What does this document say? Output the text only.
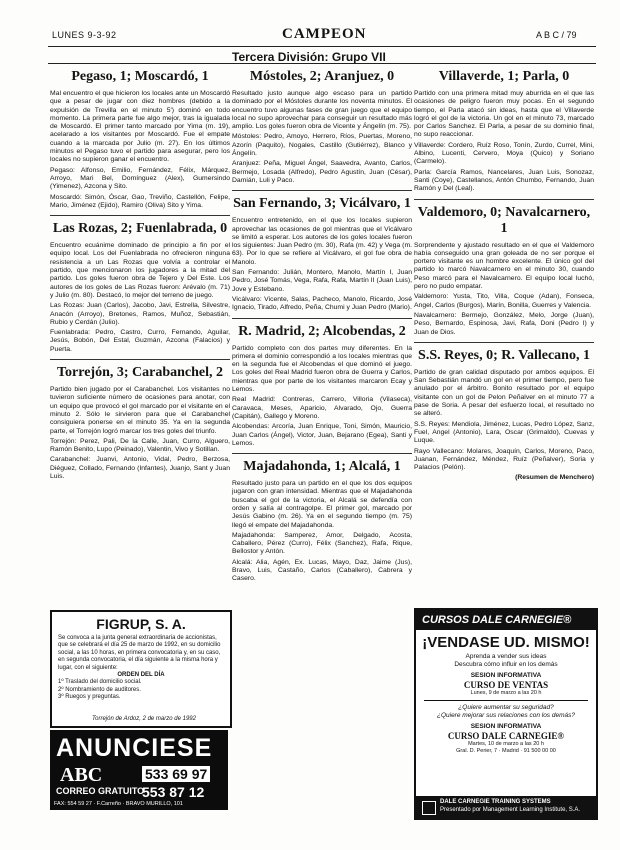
LUNES 9-3-92	CAMPEON	A B C / 79
Tercera División: Grupo VII
Pegaso, 1; Moscardó, 1
Mal encuentro el que hicieron los locales ante un Moscardó que a pesar de jugar con diez hombres (debido a la expulsión de Trevilla en el minuto 5') dominó en todo momento. La primera parte fue algo mejor, tras la igualada de Moscardó. El primer tanto marcado por Yima (m. 19), acelarado a los visitantes por Moscardó. Fue el empate cuando a la marcada por Julio (m. 27). En los últimos minutos el Pegaso tuvo el partido para asegurar, pero los locales no supieron ganar el encuentro.
Pegaso: Alfonso, Emilio, Fernández, Félix, Márquez, Arroyo, Mari Bel, Domínguez (Alex), Gumersindo (Yimenez), Azcona y Sito.
Moscardó: Simón, Óscar, Gao, Treviño, Castellón, Felipe, Mario, Jiménez (Ejido), Ramiro (Oliva) Sito y Yima.
Las Rozas, 2; Fuenlabrada, 0
Encuentro ecuánime dominado de principio a fin por el equipo local. Los del Fuenlabrada no ofrecieron ninguna resistencia a un Las Rozas que volvía a controlar el partido, que mencionaron los jugadores a la mitad del partido. Los goles fueron obra de Tejero y Del Este. Los autores de los goles de Las Rozas fueron: Arévalo (m. 71) y Julio (m. 80). Destacó, lo mejor del terreno de juego.
Las Rozas: Juan (Carlos), Jacobo, Javi, Estrella, Silvestre, Anacón (Arroyo), Bretones, Ramos, Muñoz, Sebastián, Rubio y Cerdán (Julio).
Fuenlabrada: Pedro, Castro, Curro, Fernando, Aguilar, Jesús, Bobón, Del Estal, Guzmán, Azcona (Falacios) y Puerta.
Torrejón, 3; Carabanchel, 2
Partido bien jugado por el Carabanchel. Los visitantes no tuvieron suficiente número de ocasiones para anotar, con un equipo que provocó el gol marcado por el visitante en el minuto 2. Sólo le sirvieron para que el Carabanchel consiguiera ponerse en el minuto 35. Ya en la segunda parte, el Torrejón logró marcar los tres goles del triunfo.
Torrejón: Perez, Pali, De la Calle, Juan, Curro, Alguero, Ramón Benito, Lupo (Peinado), Valentin, Vivo y Sotillan.
Carabanchel: Juanvi, Antonio, Vidal, Pedro, Berzosa, Diéguez, Collado, Fernando (Infantes), Juanjo, Sant y Juan Luis.
Móstoles, 2; Aranjuez, 0
Resultado justo aunque algo escaso para un partido dominado por el Móstoles durante los noventa minutos. El encuentro tuvo algunas fases de gran juego que el equipo local no supo aprovechar para conseguir un resultado más amplio. Los goles fueron obra de Vicente y Ángelín (m. 75).
Móstoles: Pedro, Amoyo, Herrero, Ríos, Puertas, Moreno, Azorín (Paquito), Nogales, Castillo (Gutiérrez), Blanco y Ángelín.
Aranjuez: Peña, Miguel Ángel, Saavedra, Avanto, Carlos, Bermejo, Losada (Alfredo), Pedro Agustín, Juan (César), Damián, Luli y Paco.
San Fernando, 3; Vicálvaro, 1
Encuentro entretenido, en el que los locales supieron aprovechar las ocasiones de gol mientras que el Vicálvaro se limitó a esperar. Los autores de los goles locales fueron los siguientes: Juan Pedro (m. 30), Rafa (m. 42) y Vega (m. 63). Por lo que se refiere al Vicálvaro, el gol fue obra de Manolo.
San Fernando: Julián, Montero, Manolo, Martín I, Juan Pedro, José Tomás, Vega, Rafa, Rafa, Martín II (Juan Luis), Jove y Estebano.
Vicálvaro: Vicente, Salas, Pacheco, Manolo, Ricardo, José Ignacio, Tirado, Alfredo, Peña, Chumi y Juan Pedro (Mario).
R. Madrid, 2; Alcobendas, 2
Partido completo con dos partes muy diferentes. En la primera el dominio correspondió a los locales mientras que en la segunda fue el Alcobendas el que dominó el juego. Los goles del Real Madrid fueron obra de Guerra y Carlos, mientras que por parte de los visitantes marcaron Ecay y Lemos.
Real Madrid: Contreras, Carrero, Villoria (Vilaseca), Caravaca, Meses, Aparicio, Alvarado, Ojo, Guerra (Capitán), Gallego y Moreno.
Alcobendas: Arcoría, Juan Enrique, Toni, Simón, Mauricio, Juan Carlos (Ángel), Victor, Juan, Bejarano (Egea), Santi y Lemos.
Majadahonda, 1; Alcalá, 1
Resultado justo para un partido en el que los dos equipos jugaron con gran intensidad. Mientras que el Majadahonda buscaba el gol de la victoria, el Alcalá se defendía con orden y salía al contragolpe. El primer gol, marcado por Jesús Gabino (m. 26). Ya en el segundo tiempo (m. 75) llegó el empate del Majadahonda.
Majadahonda: Samperez, Amor, Delgado, Acosta, Caballero, Pérez (Curro), Félix (Sanchez), Rafa, Rique, Bellostor y Antón.
Alcalá: Alia, Agén, Ex. Lucas, Mayo, Daz, Jaime (Jus), Bravo, Luis, Castaño, Carlos (Caballero), Cabrera y Casero.
Villaverde, 1; Parla, 0
Partido con una primera mitad muy aburrida en el que las ocasiones de peligro fueron muy pocas. En el segundo tiempo, el Parla atacó sin ideas, hasta que el Villaverde logró el gol de la victoria. Un gol en el minuto 73, marcado por Carlos Sanchez. El Parla, a pesar de su dominio final, no supo reaccionar.
Villaverde: Cordero, Ruíz Roso, Tonín, Zurdo, Currel, Mini, Albino, Lucenti, Cervero, Moya (Quico) y Soriano (Carmelo).
Parla: García Ramos, Nancelares, Juan Luis, Sonozaz, Santi (Coye), Castellanos, Antón Chumbo, Fernando, Juan Ramón y Del (Leal).
Valdemoro, 0; Navalcarnero, 1
Sorprendente y ajustado resultado en el que el Valdemoro había conseguido una gran goleada de no ser porque el portero visitante es un hombre excelente. El único gol del partido lo marcó Navalcarnero en el minuto 30, cuando Peso marcó para el Navalcarnero. El equipo local luchó, pero no pudo empatar.
Valdemoro: Yusta, Tito, Villa, Coque (Adan), Fonseca, Angel, Carlos (Burgos), Marín, Bonilla, Guerres y Valencia.
Navalcarnero: Bermejo, González, Melo, Jorge (Juan), Peso, Bernardo, Espinosa, Javi, Rafa, Doni (Pedro I) y Juan de Dios.
S.S. Reyes, 0; R. Vallecano, 1
Partido de gran calidad disputado por ambos equipos. El San Sebastián mandó un gol en el primer tiempo, pero fue anulado por el árbitro. Bonito resultado por el equipo visitante con un gol de Pelon Peñalver en el minuto 77 a pase de Soria. A pesar del esfuerzo local, el resultado no se alteró.
S.S. Reyes: Mendiola, Jiménez, Lucas, Pedro López, Sanz, Fuel, Angel (Antonio), Lara, Oscar (Grimaldo), Cuevas y Luque.
Rayo Vallecano: Molares, Joaquín, Carlos, Moreno, Paco, Juanan, Fernández, Méndez, Ruíz (Peñalver), Soria y Palacios (Pelón).
(Resumen de Menchero)
FIGRUP, S. A.
Se convoca a la junta general extraordinaria de accionistas, que se celebrará el día 25 de marzo de 1992, en su domicilio social, a las 10 horas, en primera convocatoria y, en su caso, en segunda convocatoria, el día siguiente a la misma hora y lugar, con el siguiente:
ORDEN DEL DÍA
1º Traslado del domicilio social.
2º Nombramiento de auditores.
3º Ruegos y preguntas.
Torrejón de Ardoz, 2 de marzo de 1992
ANUNCIESE
ABC	533 69 97
CORREO GRATUITO
553 87 12
FAX: 554 59 27 · F.Carreño · BRAVO MURILLO, 101
CURSOS DALE CARNEGIE®
¡VENDASE UD. MISMO!
Aprenda a vender sus ideas
Descubra cómo influir en los demás
SESION INFORMATIVA
CURSO DE VENTAS
Lunes, 9 de marzo a las 20 h
¿Quiere aumentar su seguridad?
¿Quiere mejorar sus relaciones con los demás?
SESION INFORMATIVA
CURSO DALE CARNEGIE®
Martes, 10 de marzo a las 20 h
Gral. D. Perier, 7 · Madrid · 91 500 00 00
DALE CARNEGIE TRAINING SYSTEMS
Presentado por Management Learning Institute, S.A.
